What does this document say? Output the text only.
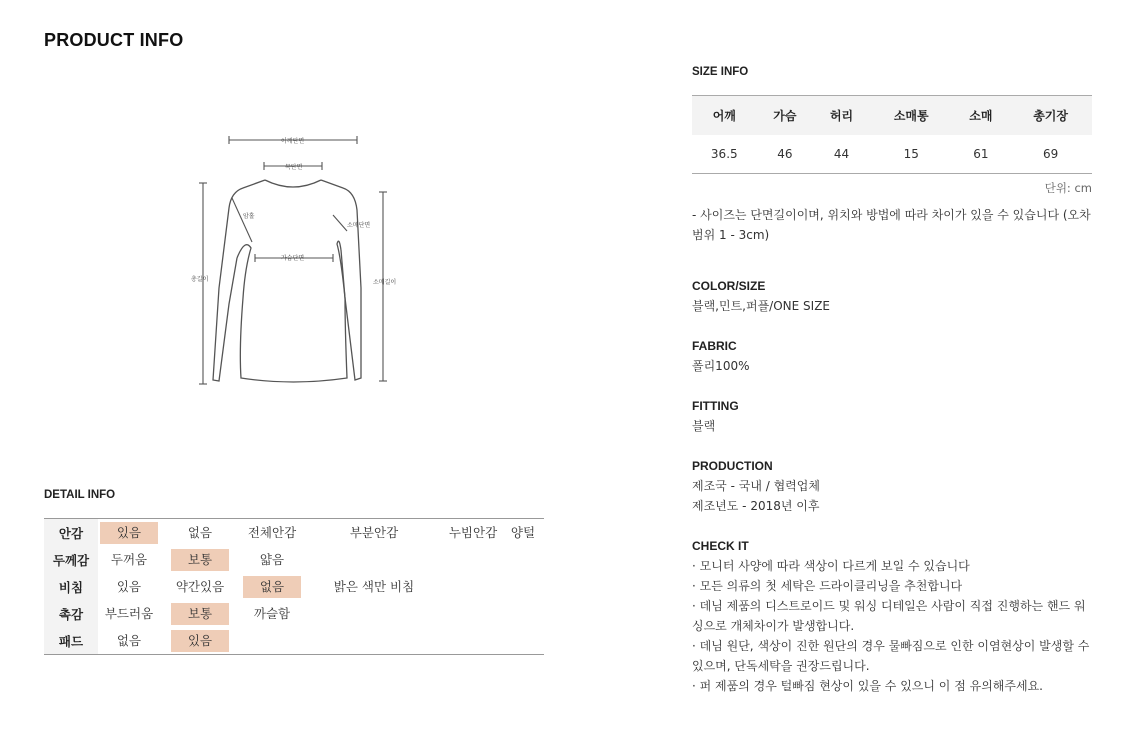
PRODUCT INFO
어깨단면
목단면
암홀
소매단면
가슴단면
총길이	소매길이
DETAIL INFO
안감	있음	없음	전체안감	부분안감	누빔안감	양털
두께감	두꺼움	보통	얇음			
비침	있음	약간있음	없음	밝은 색만 비침		
촉감	부드러움	보통	까슬함			
패드	없음	있음				
SIZE INFO
어깨	가슴	허리	소매통	소매	총기장
36.5	46	44	15	61	69
단위: cm
- 사이즈는 단면길이이며, 위치와 방법에 따라 차이가 있을 수 있습니다 (오차범위 1 - 3cm)
COLOR/SIZE
블랙,민트,퍼플/ONE SIZE
FABRIC
폴리100%
FITTING
블랙
PRODUCTION
제조국 - 국내 / 협력업체
제조년도 - 2018년 이후
CHECK IT
· 모니터 사양에 따라 색상이 다르게 보일 수 있습니다
· 모든 의류의 첫 세탁은 드라이클리닝을 추천합니다
· 데님 제품의 디스트로이드 및 워싱 디테일은 사람이 직접 진행하는 핸드 워싱으로 개체차이가 발생합니다.
· 데님 원단, 색상이 진한 원단의 경우 물빠짐으로 인한 이염현상이 발생할 수 있으며, 단독세탁을 권장드립니다.
· 퍼 제품의 경우 털빠짐 현상이 있을 수 있으니 이 점 유의해주세요.
